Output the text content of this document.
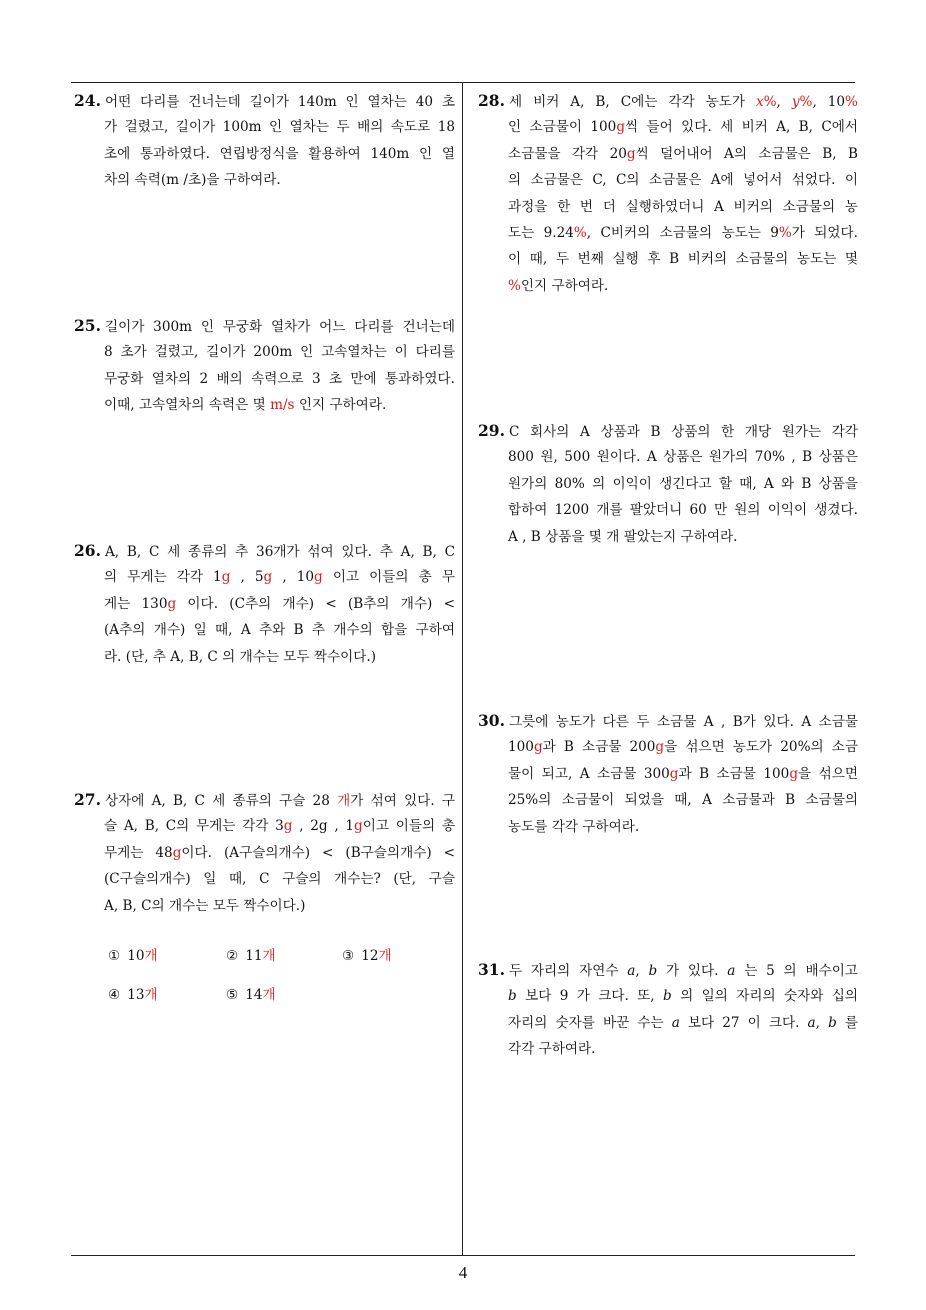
24. 어떤 다리를 건너는데 길이가 140m 인 열차는 40 초
가 걸렸고, 길이가 100m 인 열차는 두 배의 속도로 18
초에 통과하였다. 연립방정식을 활용하여 140m 인 열
차의 속력(m /초)을 구하여라.
25. 길이가 300m 인 무궁화 열차가 어느 다리를 건너는데
8 초가 걸렸고, 길이가 200m 인 고속열차는 이 다리를
무궁화 열차의 2 배의 속력으로 3 초 만에 통과하였다.
이때, 고속열차의 속력은 몇 m/s 인지 구하여라.
26. A, B, C 세 종류의 추 36개가 섞여 있다. 추 A, B, C
의 무게는 각각 1g , 5g , 10g 이고 이들의 총 무
게는 130g 이다. (C추의 개수) < (B추의 개수) <
(A추의 개수) 일 때, A 추와 B 추 개수의 합을 구하여
라. (단, 추 A, B, C 의 개수는 모두 짝수이다.)
27. 상자에 A, B, C 세 종류의 구슬 28 개가 섞여 있다. 구
슬 A, B, C의 무게는 각각 3g , 2g , 1g이고 이들의 총
무게는 48g이다. (A구슬의개수) < (B구슬의개수) <
(C구슬의개수) 일 때, C 구슬의 개수는? (단, 구슬
A, B, C의 개수는 모두 짝수이다.)
① 10개	② 11개	③ 12개
④ 13개	⑤ 14개
28. 세 비커 A, B, C에는 각각 농도가 x%, y%, 10%
인 소금물이 100g씩 들어 있다. 세 비커 A, B, C에서
소금물을 각각 20g씩 덜어내어 A의 소금물은 B, B
의 소금물은 C, C의 소금물은 A에 넣어서 섞었다. 이
과정을 한 번 더 실행하였더니 A 비커의 소금물의 농
도는 9.24%, C비커의 소금물의 농도는 9%가 되었다.
이 때, 두 번째 실행 후 B 비커의 소금물의 농도는 몇
%인지 구하여라.
29. C 회사의 A 상품과 B 상품의 한 개당 원가는 각각
800 원, 500 원이다. A 상품은 원가의 70% , B 상품은
원가의 80% 의 이익이 생긴다고 할 때, A 와 B 상품을
합하여 1200 개를 팔았더니 60 만 원의 이익이 생겼다.
A , B 상품을 몇 개 팔았는지 구하여라.
30. 그릇에 농도가 다른 두 소금물 A , B가 있다. A 소금물
100g과 B 소금물 200g을 섞으면 농도가 20%의 소금
물이 되고, A 소금물 300g과 B 소금물 100g을 섞으면
25%의 소금물이 되었을 때, A 소금물과 B 소금물의
농도를 각각 구하여라.
31. 두 자리의 자연수 a, b 가 있다. a 는 5 의 배수이고
b 보다 9 가 크다. 또, b 의 일의 자리의 숫자와 십의
자리의 숫자를 바꾼 수는 a 보다 27 이 크다. a, b 를
각각 구하여라.
4
